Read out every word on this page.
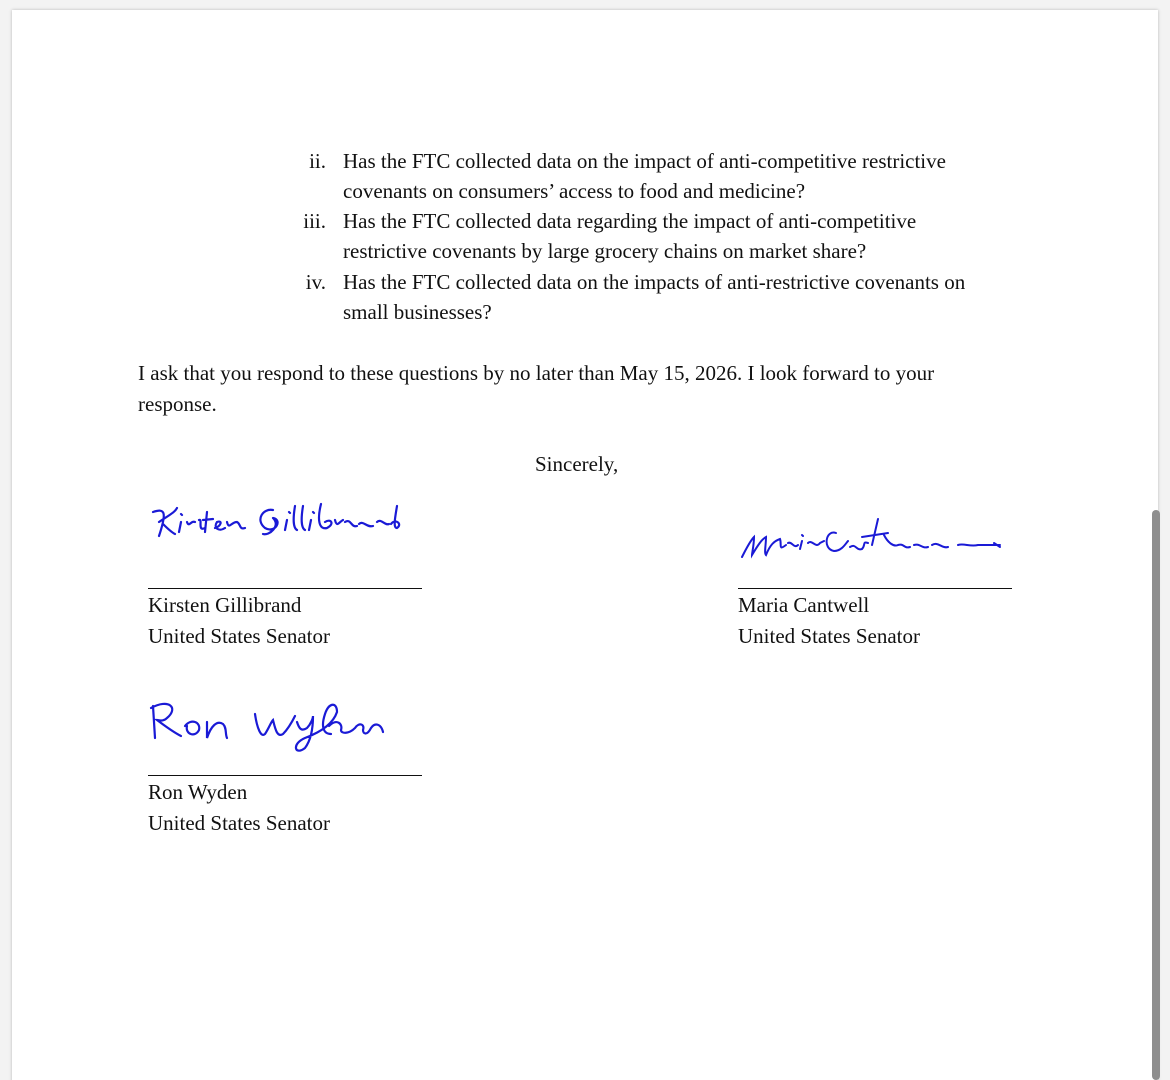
ii. Has the FTC collected data on the impact of anti-competitive restrictive
covenants on consumers’ access to food and medicine?
iii. Has the FTC collected data regarding the impact of anti-competitive
restrictive covenants by large grocery chains on market share?
iv. Has the FTC collected data on the impacts of anti-restrictive covenants on
small businesses?
I ask that you respond to these questions by no later than May 15, 2026. I look forward to your
response.
Sincerely,
Kirsten Gillibrand
United States Senator
Maria Cantwell
United States Senator
Ron Wyden
United States Senator
